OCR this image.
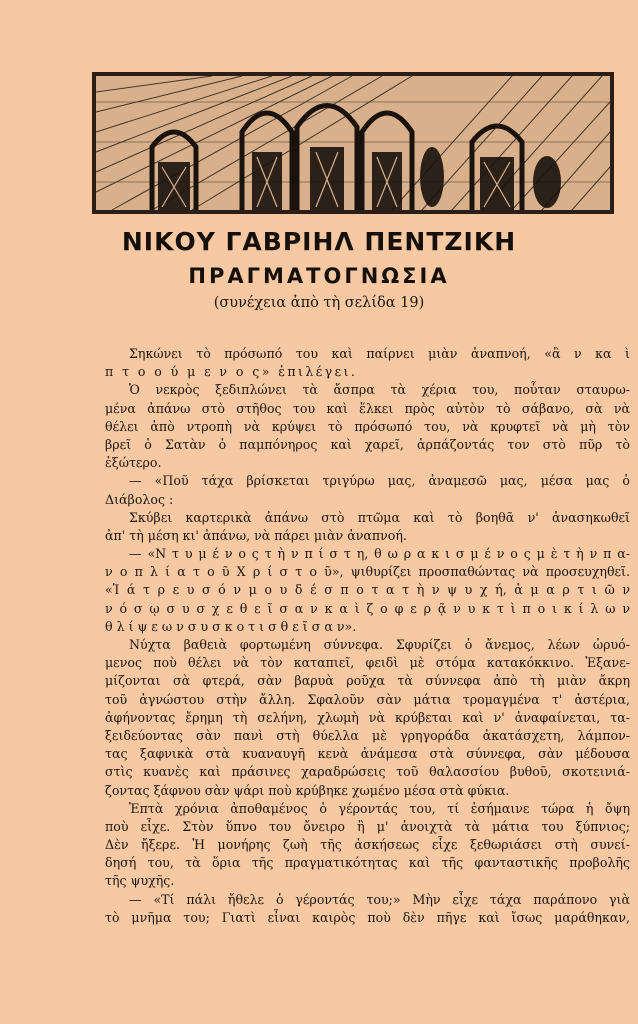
ΝΙΚΟΥ ΓΑΒΡΙΗΛ ΠΕΝΤΖΙΚΗ
ΠΡΑΓΜΑΤΟΓΝΩΣΙΑ
(συνέχεια ἀπὸ τὴ σελίδα 19)
Σηκώνει τὸ πρόσωπό του καὶ παίρνει μιὰν ἀναπνοή, «ἂ ν κα ὶ
π τ ο ο ύ μ ε ν ο ς» ἐπιλέγει.
Ὁ νεκρὸς ξεδιπλώνει τὰ ἄσπρα τὰ χέρια του, ποὖταν σταυρω-
μένα ἀπάνω στὸ στῆθος του καὶ ἕλκει πρὸς αὐτὸν τὸ σάβανο, σὰ νὰ
θέλει ἀπὸ ντροπὴ νὰ κρύψει τὸ πρόσωπό του, νὰ κρυφτεῖ νὰ μὴ τὸν
βρεῖ ὁ Σατὰν ὁ παμπόνηρος καὶ χαρεῖ, ἁρπάζοντάς τον στὸ πῦρ τὸ
ἐξώτερο.
— «Ποῦ τάχα βρίσκεται τριγύρω μας, ἀναμεσῶ μας, μέσα μας ὁ
Διάβολος :
Σκύβει καρτερικὰ ἀπάνω στὸ πτῶμα καὶ τὸ βοηθᾶ ν' ἀνασηκωθεῖ
ἀπ' τὴ μέση κι' ἀπάνω, νὰ πάρει μιὰν ἀναπνοή.
— «Ν τ υ μ έ ν ο ς τ ὴ ν π ί σ τ η, θ ω ρ α κ ι σ μ έ ν ο ς μ ὲ τ ὴ ν π α-
ν ο π λ ί α τ ο ῦ Χ ρ ί σ τ ο ῦ», ψιθυρίζει προσπαθώντας νὰ προσευχηθεῖ.
«Ἰ ά τ ρ ε υ σ ό ν μ ο υ δ έ σ π ο τ α τ ὴ ν ψ υ χ ή, ἁ μ α ρ τ ι ῶ ν
ν ό σ ῳ σ υ σ χ ε θ ε ῖ σ α ν κ α ὶ ζ ο φ ε ρ ᾷ ν υ κ τ ὶ π ο ι κ ί λ ω ν
θ λ ί ψ ε ω ν σ υ σ κ ο τ ι σ θ ε ῖ σ α ν».
Νύχτα βαθειὰ φορτωμένη σύννεφα. Σφυρίζει ὁ ἄνεμος, λέων ὠρυό-
μενος ποὺ θέλει νὰ τὸν καταπιεῖ, φειδὶ μὲ στόμα κατακόκκινο. Ἐξανε-
μίζονται σὰ φτερά, σὰν βαρυὰ ροῦχα τὰ σύννεφα ἀπὸ τὴ μιὰν ἄκρη
τοῦ ἀγνώστου στὴν ἄλλη. Σφαλοῦν σὰν μάτια τρομαγμένα τ' ἀστέρια,
ἀφήνοντας ἔρημη τὴ σελήνη, χλωμὴ νὰ κρύβεται καὶ ν' ἀναφαίνεται, τα-
ξειδεύοντας σὰν πανὶ στὴ θύελλα μὲ γρηγοράδα ἀκατάσχετη, λάμπον-
τας ξαφνικὰ στὰ κυαναυγῆ κενὰ ἀνάμεσα στὰ σύννεφα, σὰν μέδουσα
στὶς κυανὲς καὶ πράσινες χαραδρώσεις τοῦ θαλασσίου βυθοῦ, σκοτεινιά-
ζοντας ξάφνου σὰν ψάρι ποὺ κρύβηκε χωμένο μέσα στὰ φύκια.
Ἑπτὰ χρόνια ἀποθαμένος ὁ γέροντάς του, τί ἐσήμαινε τώρα ἡ ὄψη
ποὺ εἶχε. Στὸν ὕπνο του ὄνειρο ἢ μ' ἀνοιχτὰ τὰ μάτια του ξύπνιος;
Δὲν ἤξερε. Ἡ μονήρης ζωὴ τῆς ἀσκήσεως εἶχε ξεθωριάσει στὴ συνεί-
δησή του, τὰ ὅρια τῆς πραγματικότητας καὶ τῆς φανταστικῆς προβολῆς
τῆς ψυχῆς.
— «Τί πάλι ἤθελε ὁ γέροντάς του;» Μὴν εἶχε τάχα παράπονο γιὰ
τὸ μνῆμα του; Γιατὶ εἶναι καιρὸς ποὺ δὲν πῆγε καὶ ἴσως μαράθηκαν,
